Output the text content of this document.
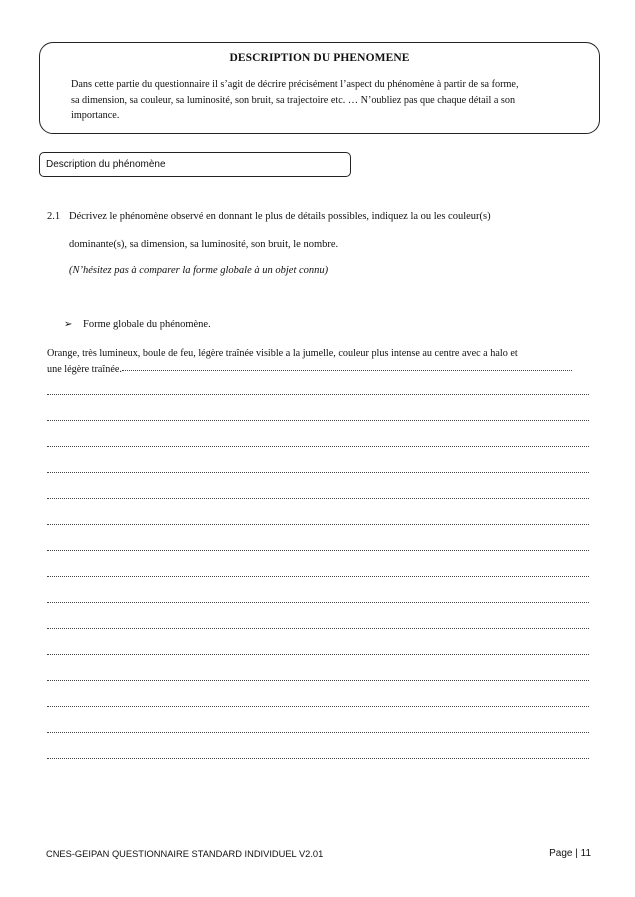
DESCRIPTION DU PHENOMENE
Dans cette partie du questionnaire il s’agit de décrire précisément l’aspect du phénomène à partir de sa forme,
sa dimension, sa couleur, sa luminosité, son bruit, sa trajectoire etc. … N’oubliez pas que chaque détail a son
importance.
Description du phénomène
2.1 Décrivez le phénomène observé en donnant le plus de détails possibles, indiquez la ou les couleur(s)
dominante(s), sa dimension, sa luminosité, son bruit, le nombre.
(N’hésitez pas à comparer la forme globale à un objet connu)
➢	Forme globale du phénomène.
Orange, très lumineux, boule de feu, légère traînée visible a la jumelle, couleur plus intense au centre avec a halo et
une légère traînée.
CNES-GEIPAN QUESTIONNAIRE STANDARD INDIVIDUEL V2.01	Page | 11
